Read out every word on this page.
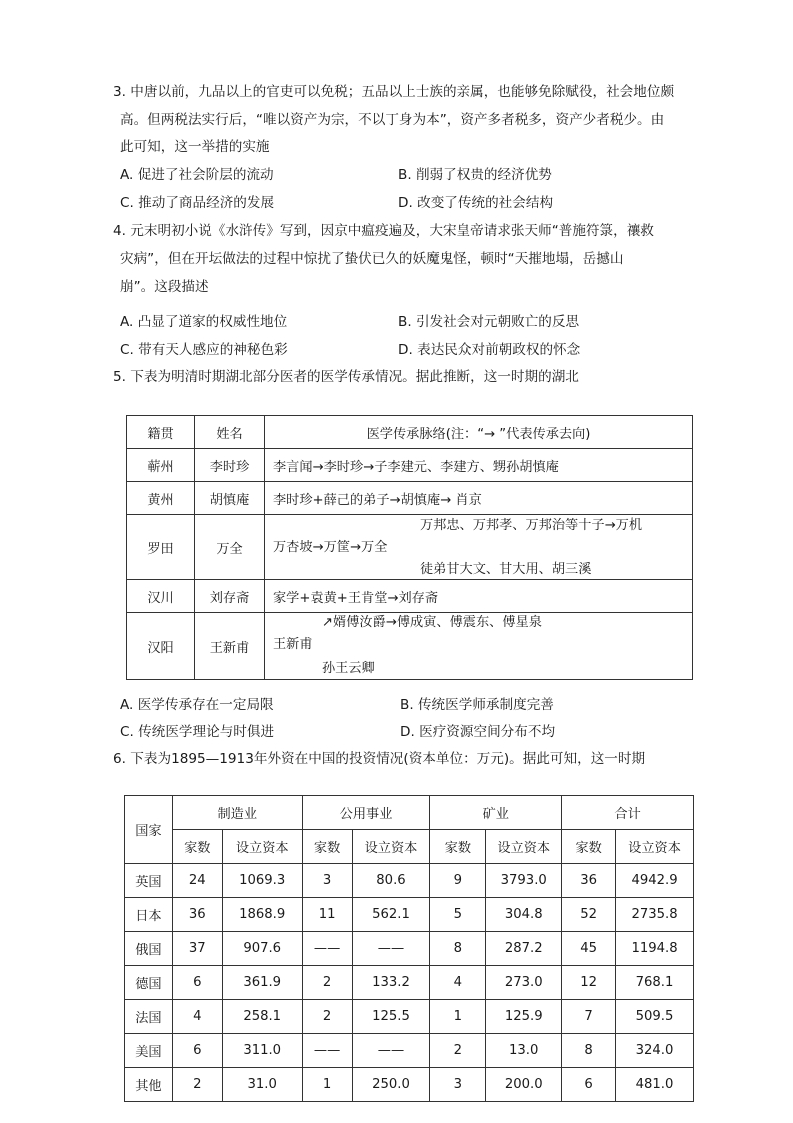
3. 中唐以前，九品以上的官吏可以免税；五品以上士族的亲属，也能够免除赋役，社会地位颇
高。但两税法实行后，“唯以资产为宗，不以丁身为本”，资产多者税多，资产少者税少。由
此可知，这一举措的实施
A. 促进了社会阶层的流动	B. 削弱了权贵的经济优势
C. 推动了商品经济的发展	D. 改变了传统的社会结构
4. 元末明初小说《水浒传》写到，因京中瘟疫遍及，大宋皇帝请求张天师“普施符箓，禳救
灾病”，但在开坛做法的过程中惊扰了蛰伏已久的妖魔鬼怪，顿时“天摧地塌，岳撼山
崩”。这段描述
A. 凸显了道家的权威性地位	B. 引发社会对元朝败亡的反思
C. 带有天人感应的神秘色彩	D. 表达民众对前朝政权的怀念
5. 下表为明清时期湖北部分医者的医学传承情况。据此推断，这一时期的湖北
籍贯	姓名	医学传承脉络(注：“→ ”代表传承去向)
蕲州	李时珍	李言闻→李时珍→子李建元、李建方、甥孙胡慎庵
黄州	胡慎庵	李时珍+薛己的弟子→胡慎庵→ 肖京
罗田	万全	万邦忠、万邦孝、万邦治等十子→万机
万杏坡→万筐→万全
徒弟甘大文、甘大用、胡三溪

汉川	刘存斋	家学+袁黄+王肯堂→刘存斋
汉阳	王新甫	↗婿傅汝爵→傅成寅、傅震东、傅星泉
王新甫
孙王云卿
A. 医学传承存在一定局限	B. 传统医学师承制度完善
C. 传统医学理论与时俱进	D. 医疗资源空间分布不均
6. 下表为1895—1913年外资在中国的投资情况(资本单位：万元)。据此可知，这一时期
国家	制造业		公用事业		矿业		合计	
	家数	设立资本	家数	设立资本	家数	设立资本	家数	设立资本
英国	24	1069.3	3	80.6	9	3793.0	36	4942.9
日本	36	1868.9	11	562.1	5	304.8	52	2735.8
俄国	37	907.6	——	——	8	287.2	45	1194.8
德国	6	361.9	2	133.2	4	273.0	12	768.1
法国	4	258.1	2	125.5	1	125.9	7	509.5
美国	6	311.0	——	——	2	13.0	8	324.0
其他	2	31.0	1	250.0	3	200.0	6	481.0
